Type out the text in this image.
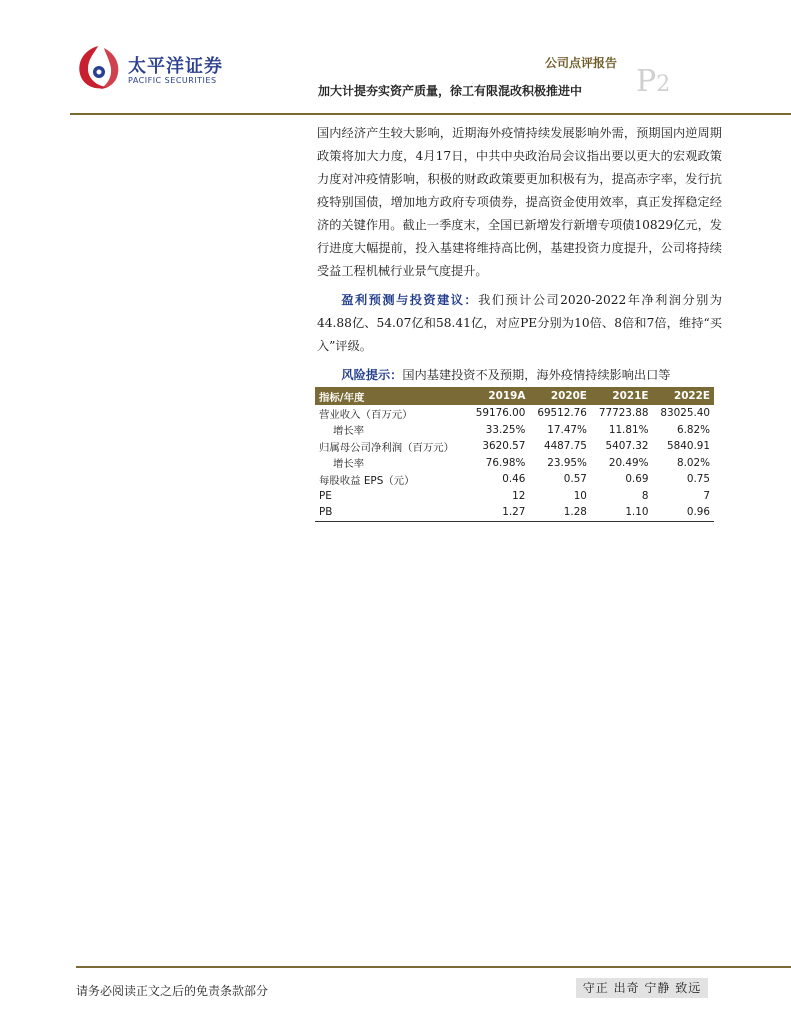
太平洋证券
PACIFIC SECURITIES
公司点评报告
加大计提夯实资产质量，徐工有限混改积极推进中 P2

国内经济产生较大影响，近期海外疫情持续发展影响外需，预期国内逆周期政策将加大力度，4月17日，中共中央政治局会议指出要以更大的宏观政策力度对冲疫情影响，积极的财政政策要更加积极有为，提高赤字率，发行抗疫特别国债，增加地方政府专项债券，提高资金使用效率，真正发挥稳定经济的关键作用。截止一季度末，全国已新增发行新增专项债10829亿元，发行进度大幅提前，投入基建将维持高比例，基建投资力度提升，公司将持续受益工程机械行业景气度提升。

盈利预测与投资建议：我们预计公司2020-2022年净利润分别为44.88亿、54.07亿和58.41亿，对应PE分别为10倍、8倍和7倍，维持“买入”评级。

风险提示：国内基建投资不及预期，海外疫情持续影响出口等

指标/年度	2019A	2020E	2021E	2022E
营业收入（百万元）	59176.00	69512.76	77723.88	83025.40
增长率	33.25%	17.47%	11.81%	6.82%
归属母公司净利润（百万元）	3620.57	4487.75	5407.32	5840.91
增长率	76.98%	23.95%	20.49%	8.02%
每股收益 EPS（元）	0.46	0.57	0.69	0.75
PE	12	10	8	7
PB	1.27	1.28	1.10	0.96
请务必阅读正文之后的免责条款部分	守正 出奇 宁静 致远
